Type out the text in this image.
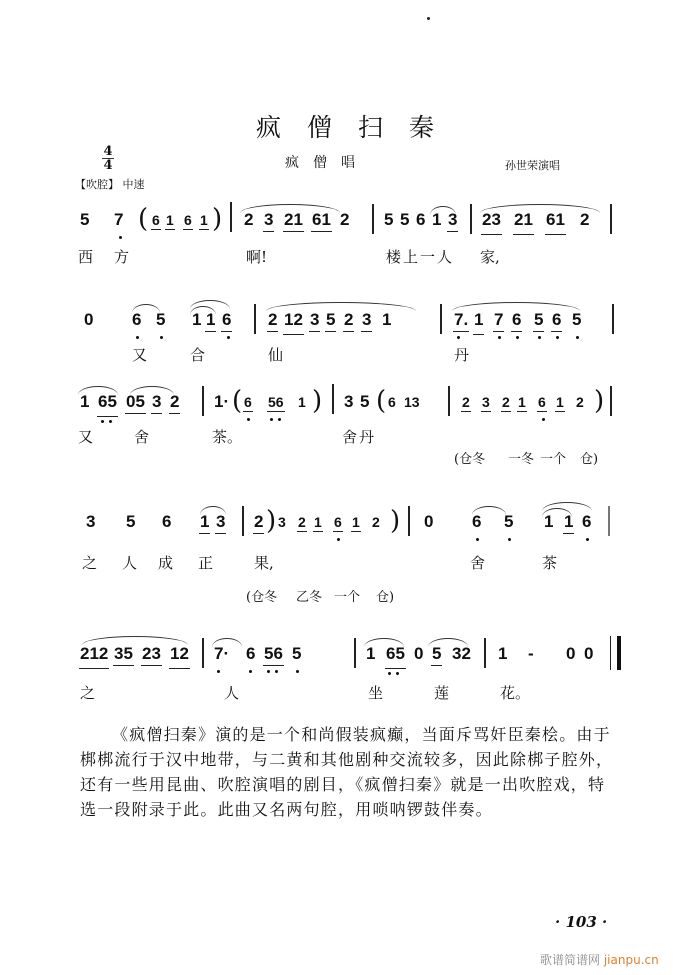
疯僧扫秦
4
4	疯僧唱	孙世荣演唱
【吹腔】 中速
5 7 ( 6 1 6 1 ) 2 3 21 61 2 5 5 6 1 3 23 21 61 2
西 方	啊!	楼上一人 家,
0 6 5 1 1 6 2 12 3 5 2 3 1	7. 1 7 6 5 6 5
又	合	仙	丹
1 65 05 3 2 1· ( 6 56 1 ) 3 5 ( 6 13	2 3 2 1 6 1 2 )
又	舍	茶。	舍丹
(仓冬 一冬 一个 仓)
3 5 6 1 3 2 ) 3 2 1 6 1 2 ) 0 6 5 1 1 6
之 人 成 正	果,	舍	茶
(仓冬 乙冬 一个 仓)
212 35 23 12 7· 6 56 5	1 65 0 5 32 1 - 0 0
之	人	坐	莲	花。

《疯僧扫秦》演的是一个和尚假装疯癫，当面斥骂奸臣秦桧。由于梆梆流行于汉中地带，与二黄和其他剧种交流较多，因此除梆子腔外，还有一些用昆曲、吹腔演唱的剧目，《疯僧扫秦》就是一出吹腔戏，特选一段附录于此。此曲又名两句腔，用唢呐锣鼓伴奏。

· 103 ·
歌谱简谱网 jianpu.cn
